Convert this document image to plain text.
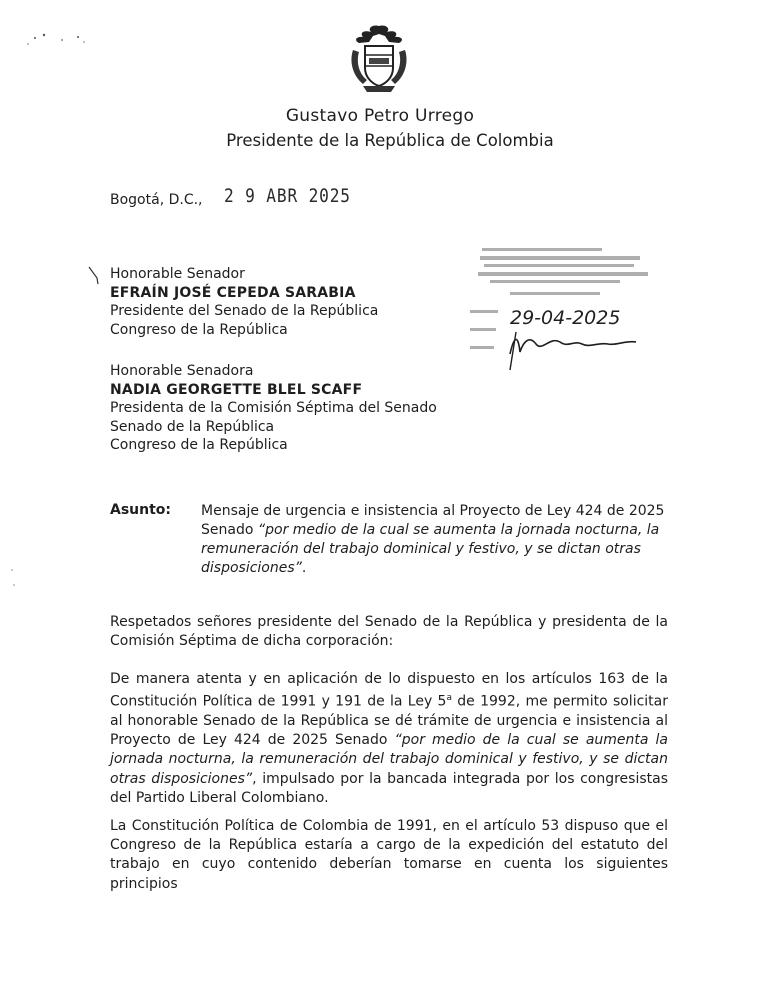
Gustavo Petro Urrego
Presidente de la República de Colombia
Bogotá, D.C., 2 9 ABR 2025
Honorable Senador
EFRAÍN JOSÉ CEPEDA SARABIA
Presidente del Senado de la República
Congreso de la República
Honorable Senadora
NADIA GEORGETTE BLEL SCAFF
Presidenta de la Comisión Séptima del Senado
Senado de la República
Congreso de la República
29-04-2025
Asunto: Mensaje de urgencia e insistencia al Proyecto de Ley 424 de 2025 Senado “por medio de la cual se aumenta la jornada nocturna, la remuneración del trabajo dominical y festivo, y se dictan otras disposiciones”.
Respetados señores presidente del Senado de la República y presidenta de la Comisión Séptima de dicha corporación:
De manera atenta y en aplicación de lo dispuesto en los artículos 163 de la Constitución Política de 1991 y 191 de la Ley 5$^a$ de 1992, me permito solicitar al honorable Senado de la República se dé trámite de urgencia e insistencia al Proyecto de Ley 424 de 2025 Senado “por medio de la cual se aumenta la jornada nocturna, la remuneración del trabajo dominical y festivo, y se dictan otras disposiciones”, impulsado por la bancada integrada por los congresistas del Partido Liberal Colombiano.
La Constitución Política de Colombia de 1991, en el artículo 53 dispuso que el Congreso de la República estaría a cargo de la expedición del estatuto del trabajo en cuyo contenido deberían tomarse en cuenta los siguientes principios
